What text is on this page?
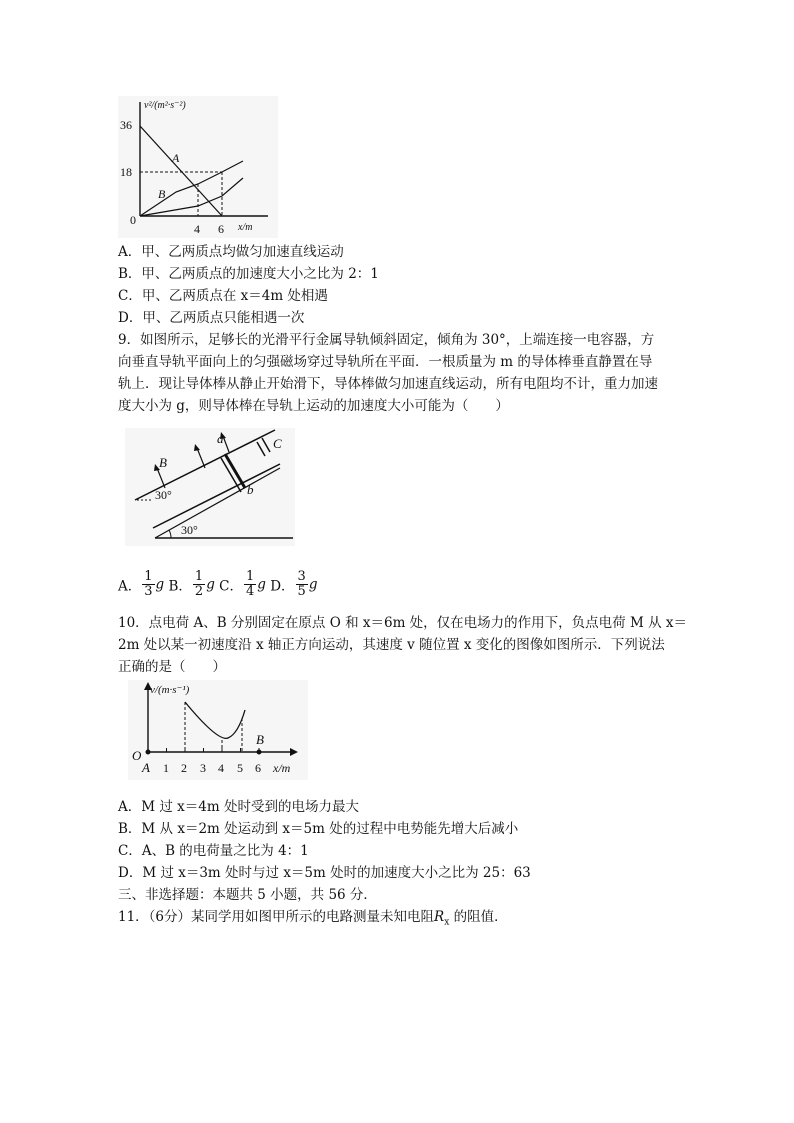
v²/(m²·s⁻²)
36
18
0
4 6 x/m
A
B
A．甲、乙两质点均做匀加速直线运动
B．甲、乙两质点的加速度大小之比为 2：1
C．甲、乙两质点在 x＝4m 处相遇
D．甲、乙两质点只能相遇一次
9．如图所示，足够长的光滑平行金属导轨倾斜固定，倾角为 30°，上端连接一电容器，方
向垂直导轨平面向上的匀强磁场穿过导轨所在平面．一根质量为 m 的导体棒垂直静置在导
轨上．现让导体棒从静止开始滑下，导体棒做匀加速直线运动，所有电阻均不计，重力加速
度大小为 g，则导体棒在导轨上运动的加速度大小可能为（　　）
B
a
b
C
30°
30°
A． $\frac{1}{3}$ g B． $\frac{1}{2}$ g C． $\frac{1}{4}$ g D． $\frac{3}{5}$ g
10．点电荷 A、B 分别固定在原点 O 和 x＝6m 处，仅在电场力的作用下，负点电荷 M 从 x＝
2m 处以某一初速度沿 x 轴正方向运动，其速度 v 随位置 x 变化的图像如图所示．下列说法
正确的是（　　）
v/(m·s⁻¹)
O
A
B
1 2 3 4 5 6 x/m
A．M 过 x＝4m 处时受到的电场力最大
B．M 从 x＝2m 处运动到 x＝5m 处的过程中电势能先增大后减小
C．A、B 的电荷量之比为 4：1
D．M 过 x＝3m 处时与过 x＝5m 处时的加速度大小之比为 25：63
三、非选择题：本题共 5 小题，共 56 分．
11．（6分）某同学用如图甲所示的电路测量未知电阻$R_x$ 的阻值．
